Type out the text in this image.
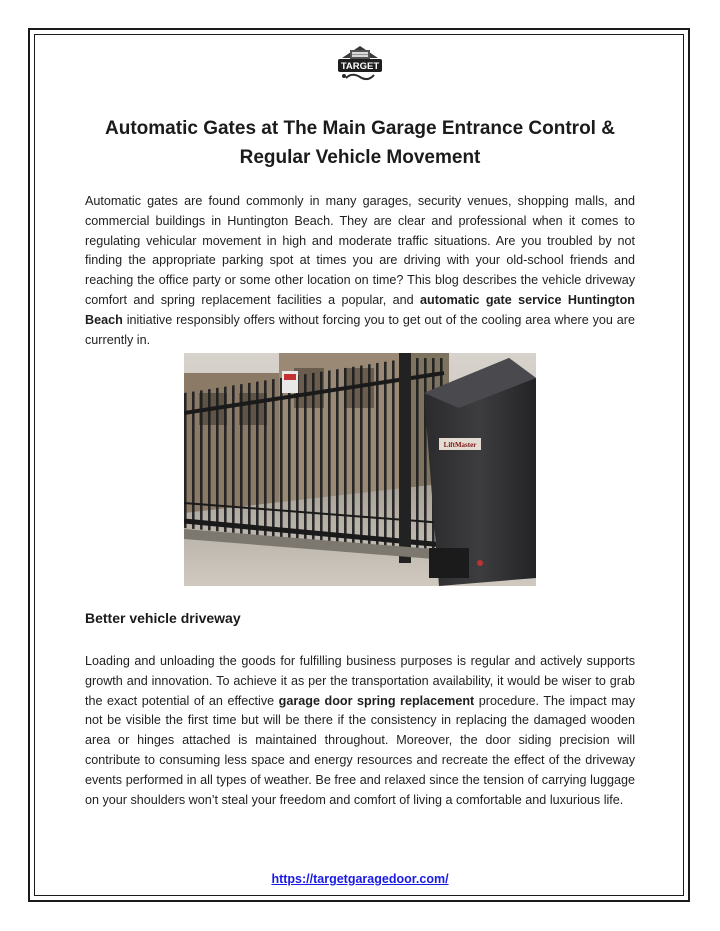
TARGET
Automatic Gates at The Main Garage Entrance Control &
Regular Vehicle Movement

Automatic gates are found commonly in many garages, security venues, shopping malls, and commercial buildings in Huntington Beach. They are clear and professional when it comes to regulating vehicular movement in high and moderate traffic situations. Are you troubled by not finding the appropriate parking spot at times you are driving with your old-school friends and reaching the office party or some other location on time? This blog describes the vehicle driveway comfort and spring replacement facilities a popular, and automatic gate service Huntington Beach initiative responsibly offers without forcing you to get out of the cooling area where you are currently in.

LiftMaster
Better vehicle driveway

Loading and unloading the goods for fulfilling business purposes is regular and actively supports growth and innovation. To achieve it as per the transportation availability, it would be wiser to grab the exact potential of an effective garage door spring replacement procedure. The impact may not be visible the first time but will be there if the consistency in replacing the damaged wooden area or hinges attached is maintained throughout. Moreover, the door siding precision will contribute to consuming less space and energy resources and recreate the effect of the driveway events performed in all types of weather. Be free and relaxed since the tension of carrying luggage on your shoulders won’t steal your freedom and comfort of living a comfortable and luxurious life.

https://targetgaragedoor.com/
